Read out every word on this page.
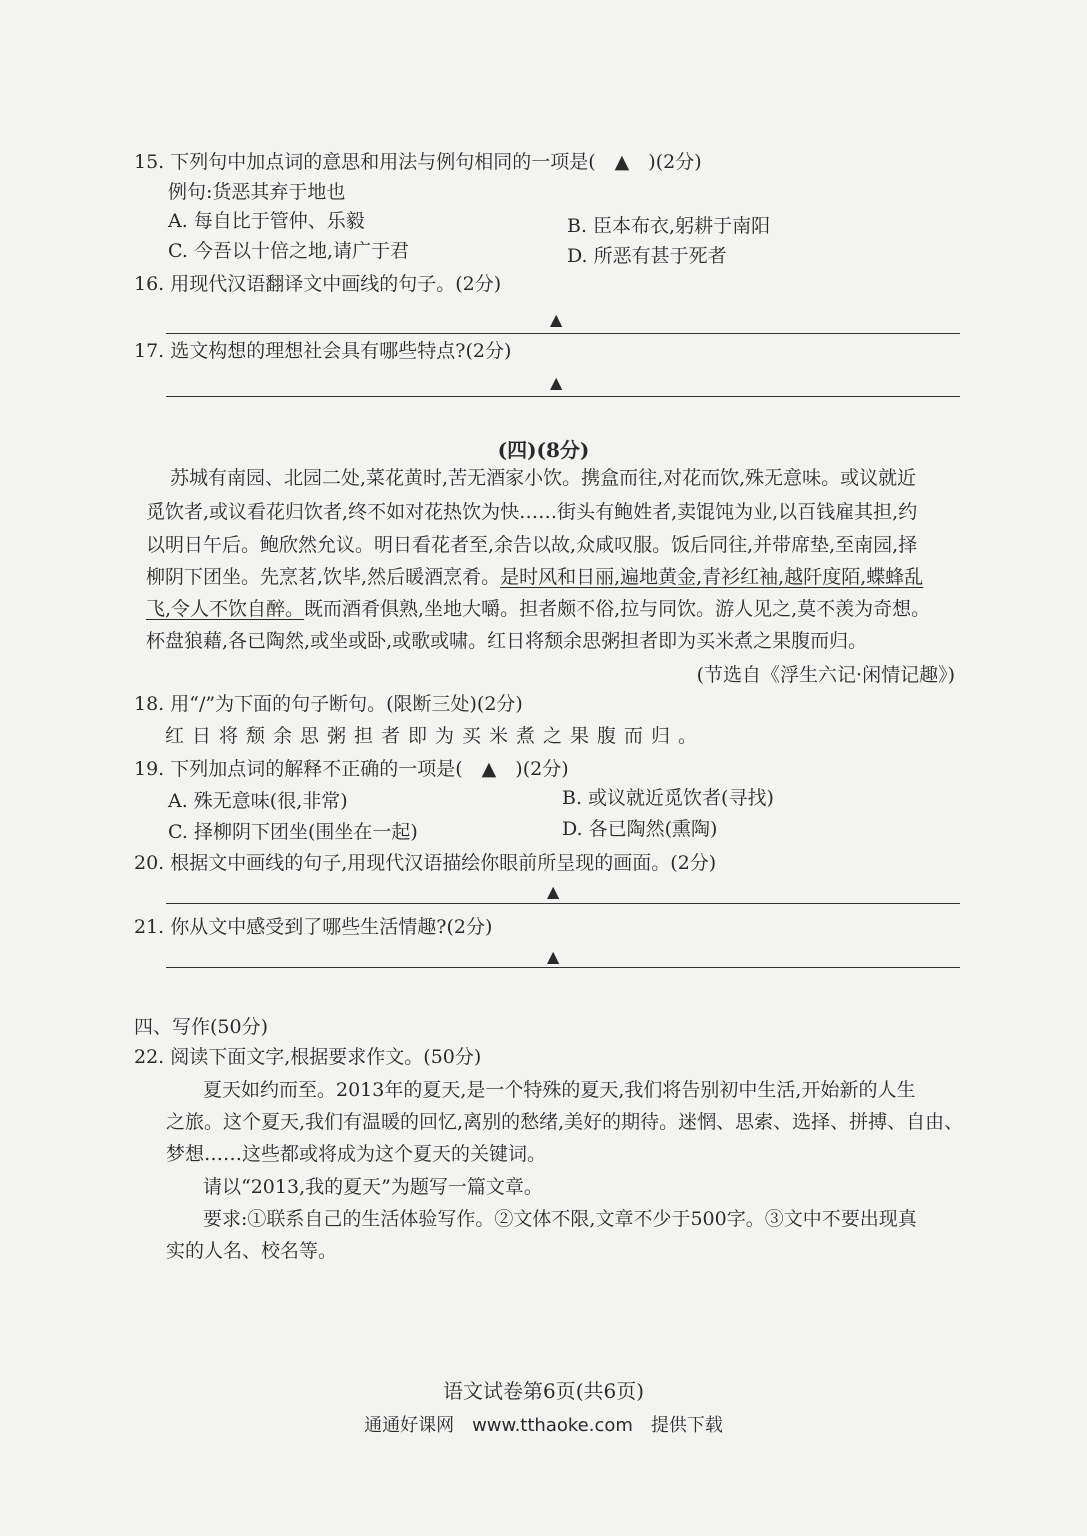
15. 下列句中加点词的意思和用法与例句相同的一项是(　▲　)(2分)
例句:货恶其弃于地也
A. 每自比于管仲、乐毅	B. 臣本布衣,躬耕于南阳
C. 今吾以十倍之地,请广于君	D. 所恶有甚于死者
16. 用现代汉语翻译文中画线的句子。(2分)
▲
17. 选文构想的理想社会具有哪些特点?(2分)
▲
(四)(8分)
苏城有南园、北园二处,菜花黄时,苦无酒家小饮。携盒而往,对花而饮,殊无意味。或议就近
觅饮者,或议看花归饮者,终不如对花热饮为快……街头有鲍姓者,卖馄饨为业,以百钱雇其担,约
以明日午后。鲍欣然允议。明日看花者至,余告以故,众咸叹服。饭后同往,并带席垫,至南园,择
柳阴下团坐。先烹茗,饮毕,然后暖酒烹肴。是时风和日丽,遍地黄金,青衫红袖,越阡度陌,蝶蜂乱
飞,令人不饮自醉。既而酒肴俱熟,坐地大嚼。担者颇不俗,拉与同饮。游人见之,莫不羡为奇想。
杯盘狼藉,各已陶然,或坐或卧,或歌或啸。红日将颓余思粥担者即为买米煮之果腹而归。
(节选自《浮生六记·闲情记趣》)
18. 用“/”为下面的句子断句。(限断三处)(2分)
红日将颓余思粥担者即为买米煮之果腹而归。
19. 下列加点词的解释不正确的一项是(　▲　)(2分)
A. 殊无意味(很,非常)	B. 或议就近觅饮者(寻找)
C. 择柳阴下团坐(围坐在一起)	D. 各已陶然(熏陶)
20. 根据文中画线的句子,用现代汉语描绘你眼前所呈现的画面。(2分)
▲
21. 你从文中感受到了哪些生活情趣?(2分)
▲
四、写作(50分)
22. 阅读下面文字,根据要求作文。(50分)
夏天如约而至。2013年的夏天,是一个特殊的夏天,我们将告别初中生活,开始新的人生
之旅。这个夏天,我们有温暖的回忆,离别的愁绪,美好的期待。迷惘、思索、选择、拼搏、自由、
梦想……这些都或将成为这个夏天的关键词。
请以“2013,我的夏天”为题写一篇文章。
要求:①联系自己的生活体验写作。②文体不限,文章不少于500字。③文中不要出现真
实的人名、校名等。
语文试卷第6页(共6页)
通通好课网　www.tthaoke.com　提供下载
